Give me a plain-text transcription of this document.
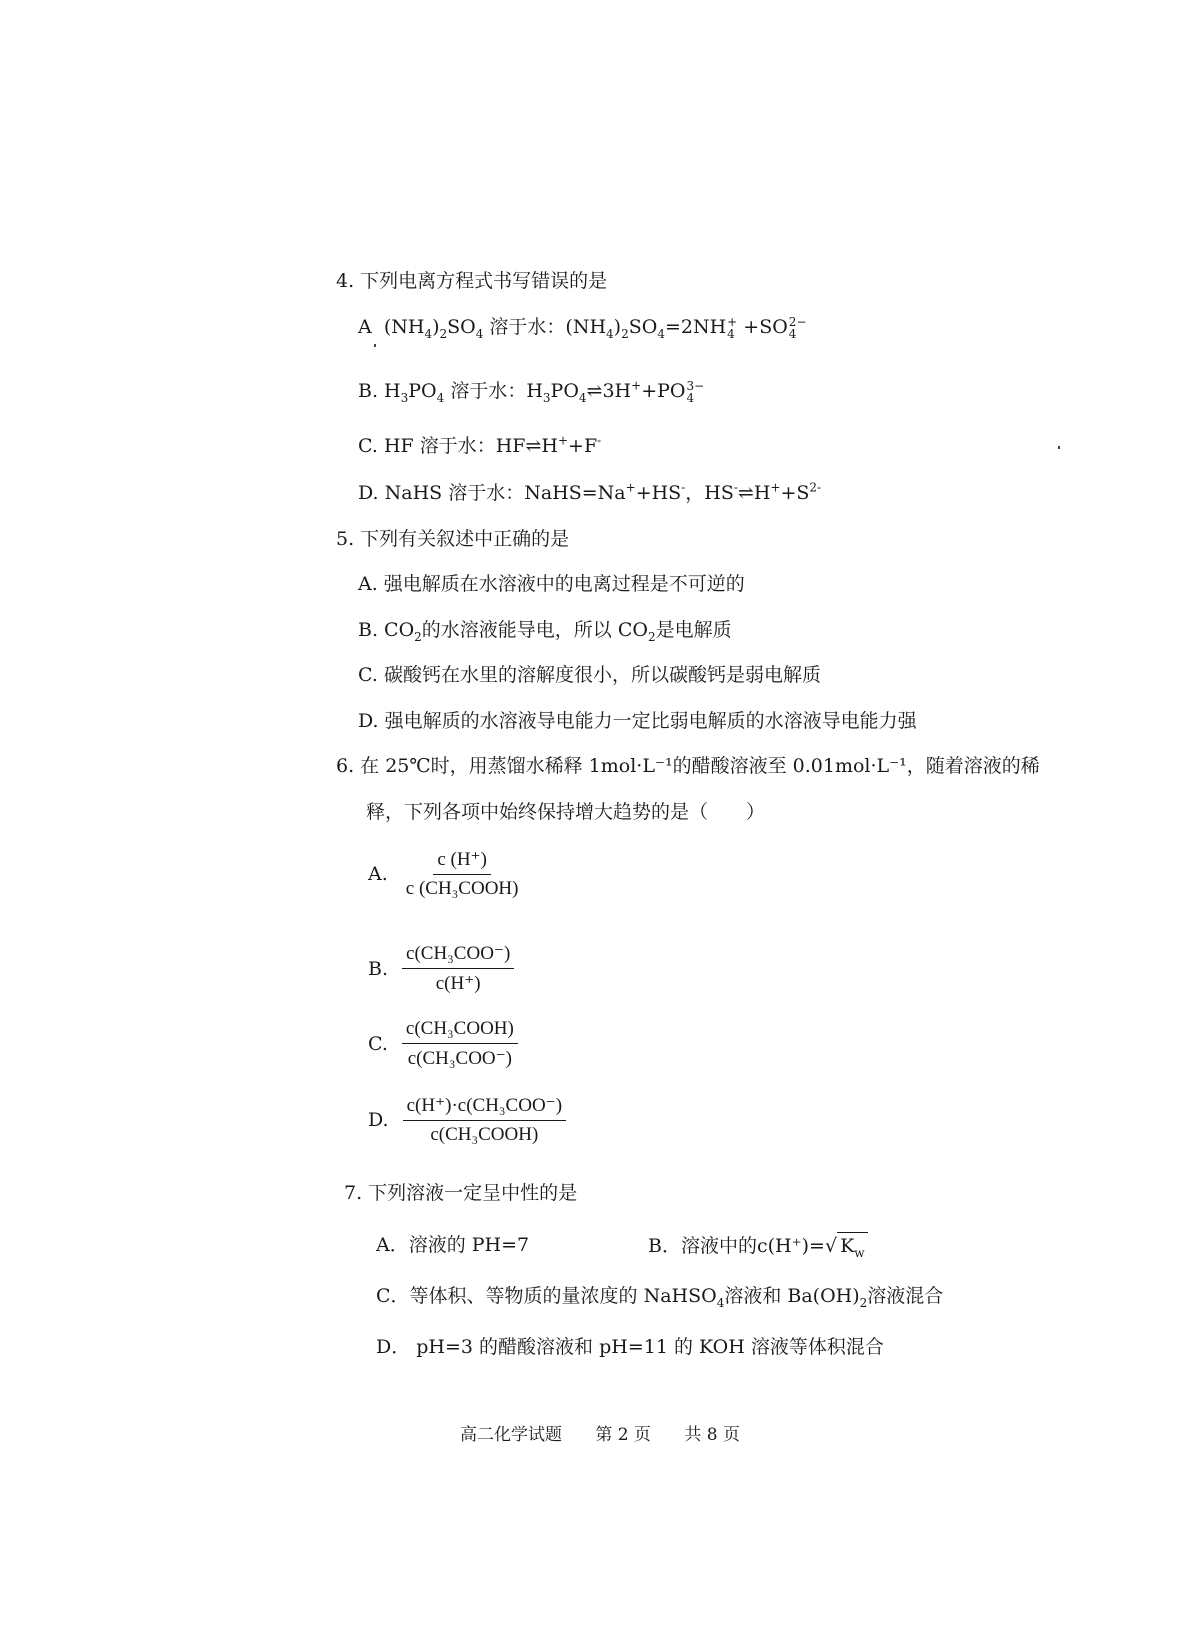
4. 下列电离方程式书写错误的是
A $(NH_4)_2SO_4$ 溶于水：$(NH_4)_2SO_4=2NH$ +
4 +SO 2−
4
B. $H_3PO_4$ 溶于水：$H_3PO_4\rightleftharpoons 3H^++PO$ 3−
4
C. HF 溶于水：HF⇌H++F-
D. NaHS 溶于水：NaHS=Na++HS-，$HS^-\rightleftharpoons H^++S^{2-}$
5. 下列有关叙述中正确的是
A. 强电解质在水溶液中的电离过程是不可逆的
B. $CO_2$的水溶液能导电，所以 $CO_2$是电解质
C. 碳酸钙在水里的溶解度很小，所以碳酸钙是弱电解质
D. 强电解质的水溶液导电能力一定比弱电解质的水溶液导电能力强
6. 在 25℃时，用蒸馏水稀释 1mol·L⁻¹的醋酸溶液至 0.01mol·L⁻¹，随着溶液的稀
释，下列各项中始终保持增大趋势的是（　　）
A. $\frac{c (H^+)}{\text{c (CH₃COOH)}}$
B. $\frac{\text{c(CH₃COO⁻)}}{c(H^+)}$
C. $\frac{\text{c(CH₃COOH)}}{\text{c(CH₃COO⁻)}}$
D. $\frac{\text{c(H⁺)·c(CH₃COO⁻)}}{\text{c(CH₃COOH)}}$
7. 下列溶液一定呈中性的是
A．溶液的 PH=7	B．溶液中的c(H⁺)= √ $K_w$
C．等体积、等物质的量浓度的 NaHSO$_4$溶液和 $Ba(OH)_2$溶液混合
D． pH=3 的醋酸溶液和 pH=11 的 KOH 溶液等体积混合
高二化学试题 第 2 页 共 8 页
